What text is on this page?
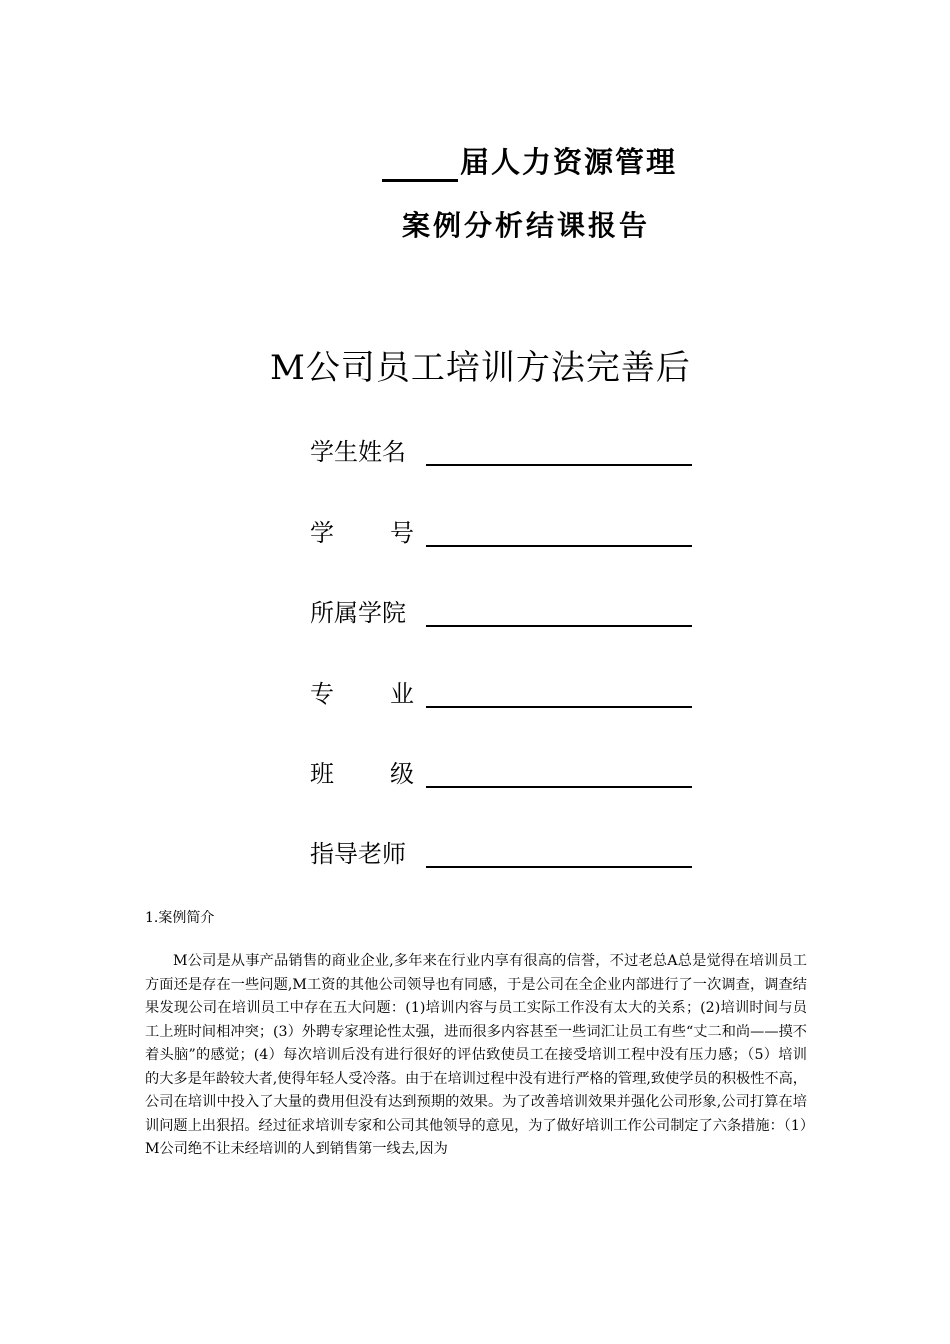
届人力资源管理
案例分析结课报告
M公司员工培训方法完善后
学生姓名
学 号
所属学院
专 业
班 级
指导老师
1.案例简介
M公司是从事产品销售的商业企业,多年来在行业内享有很高的信誉，不过老总A总是觉得在培训员工方面还是存在一些问题,M工资的其他公司领导也有同感，于是公司在全企业内部进行了一次调查，调查结果发现公司在培训员工中存在五大问题：(1)培训内容与员工实际工作没有太大的关系；(2)培训时间与员工上班时间相冲突；(3）外聘专家理论性太强，进而很多内容甚至一些词汇让员工有些“丈二和尚——摸不着头脑”的感觉；(4）每次培训后没有进行很好的评估致使员工在接受培训工程中没有压力感；（5）培训的大多是年龄较大者,使得年轻人受冷落。由于在培训过程中没有进行严格的管理,致使学员的积极性不高，公司在培训中投入了大量的费用但没有达到预期的效果。为了改善培训效果并强化公司形象,公司打算在培训问题上出狠招。经过征求培训专家和公司其他领导的意见，为了做好培训工作公司制定了六条措施：（1）M公司绝不让未经培训的人到销售第一线去,因为
